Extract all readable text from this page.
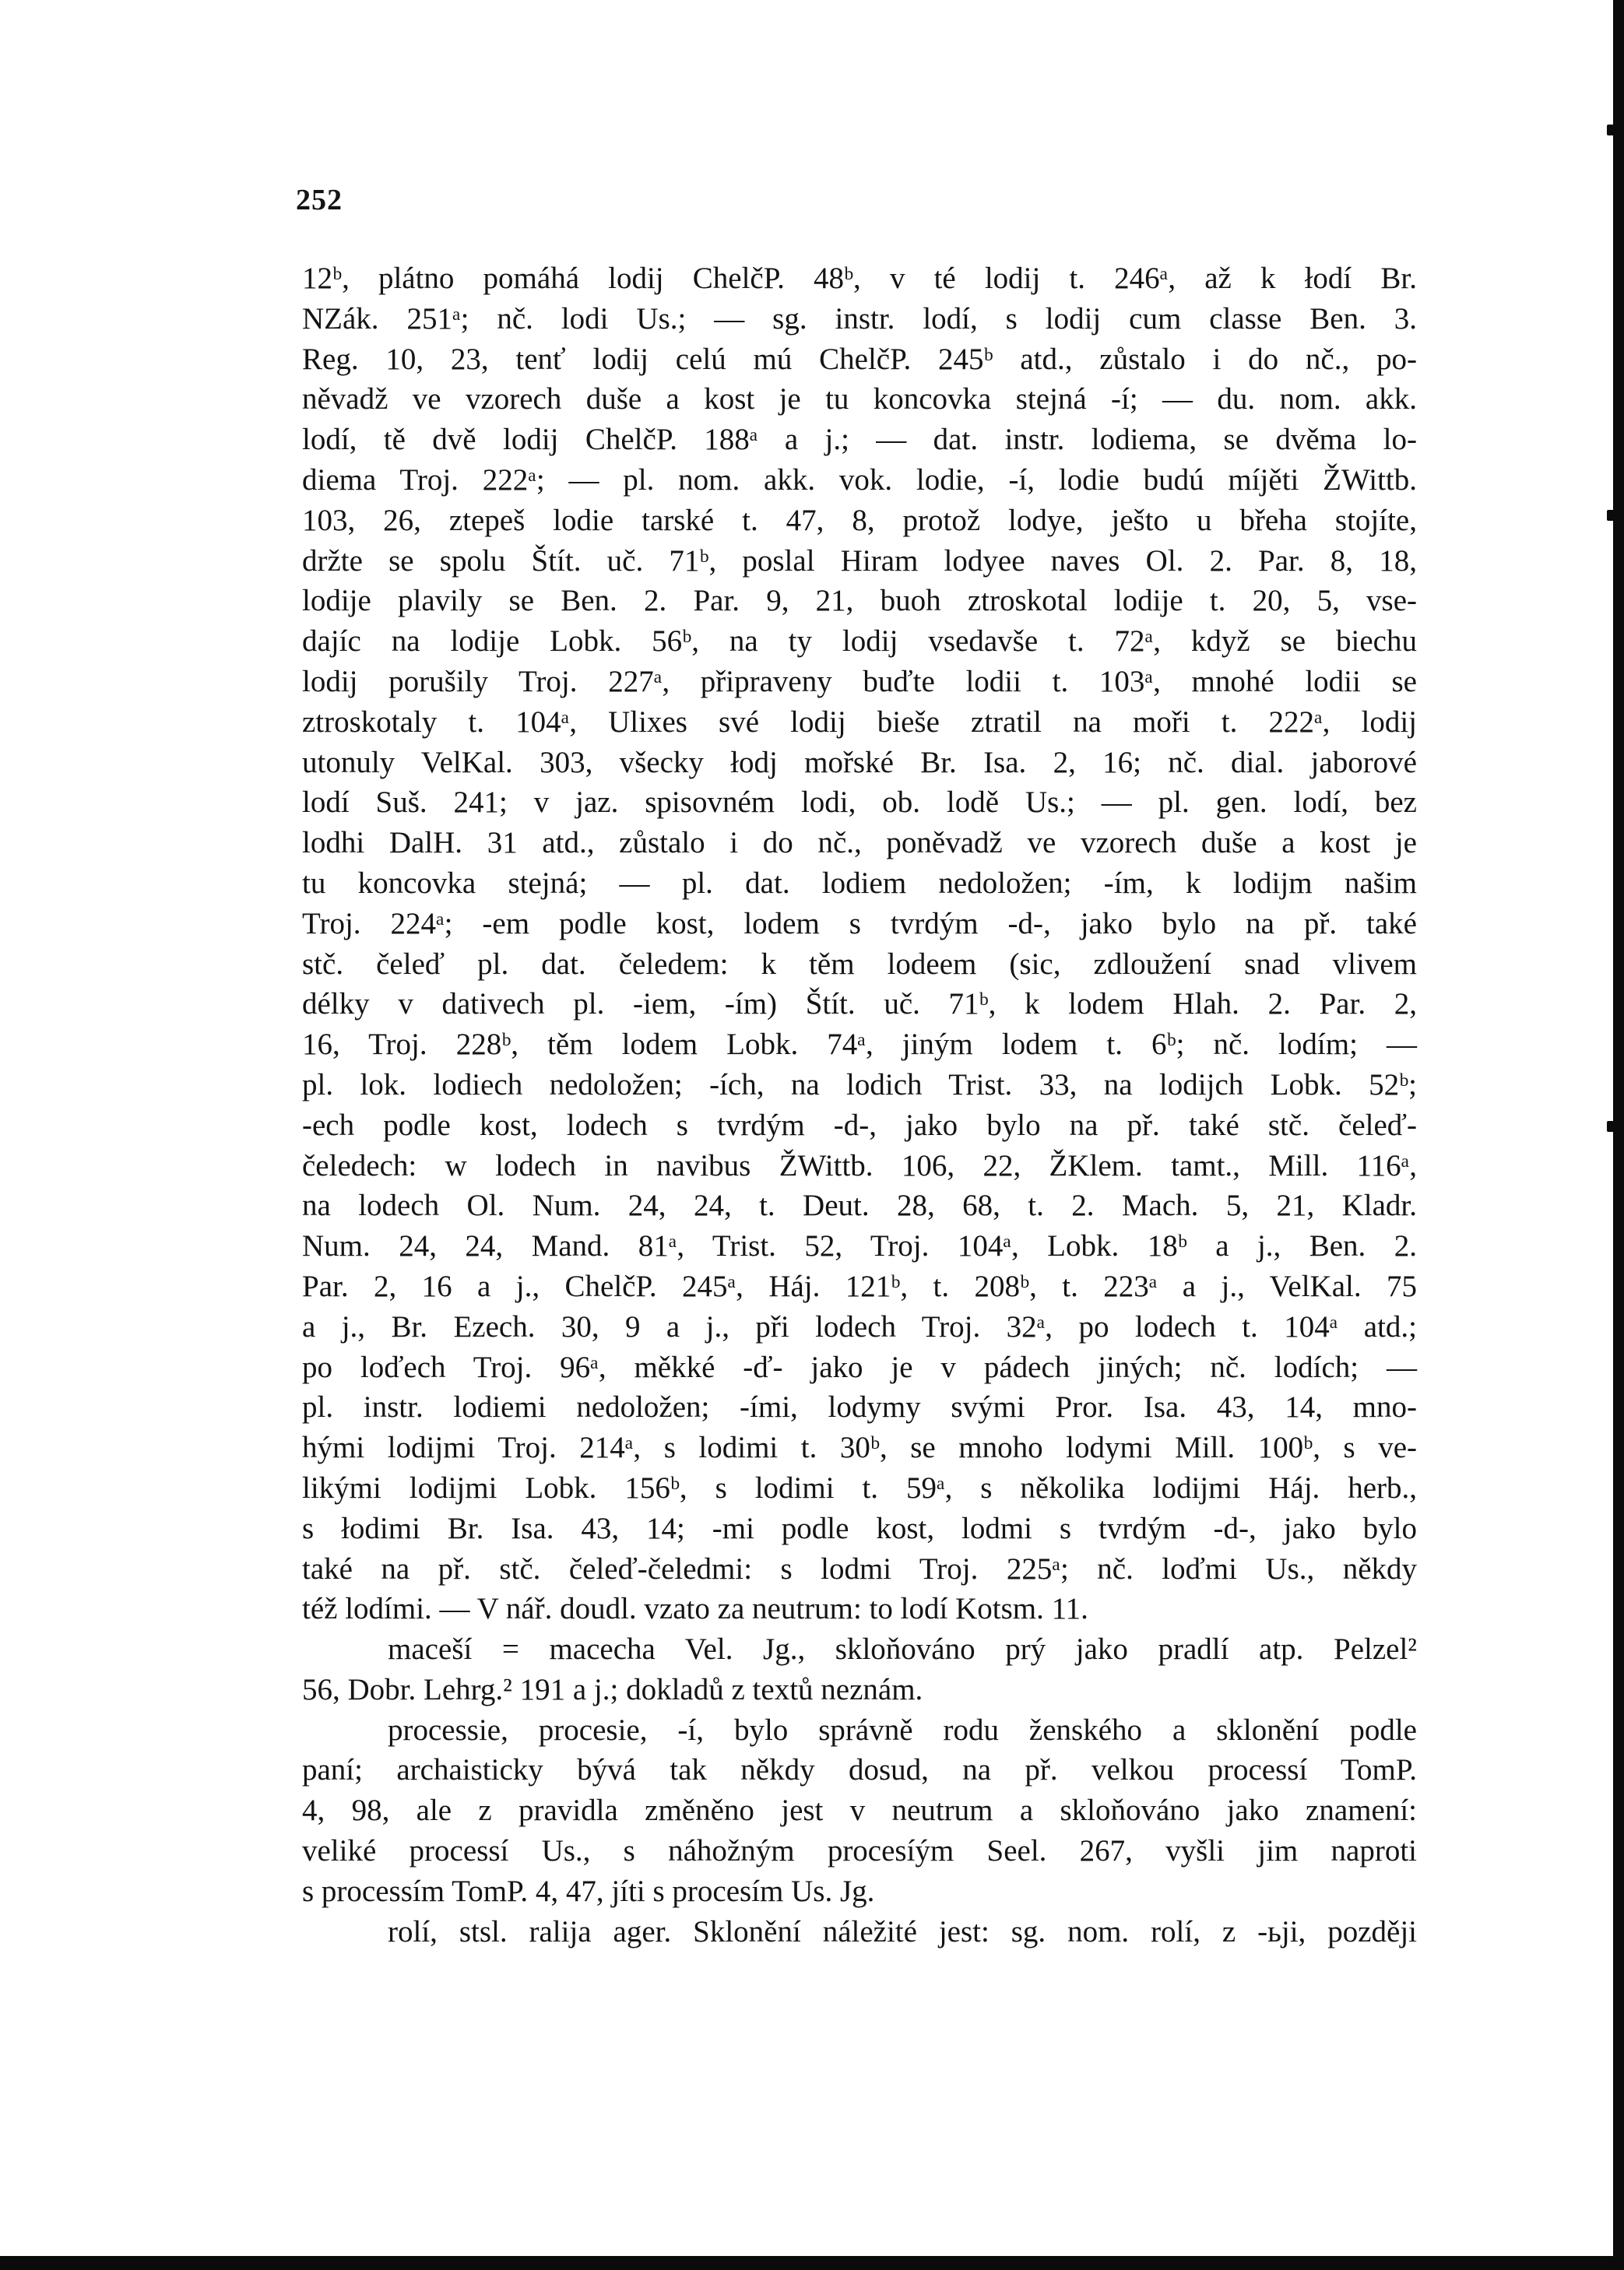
252
12ᵇ, plátno pomáhá lodij ChelčP. 48ᵇ, v té lodij t. 246ᵃ, až k łodí Br.
NZák. 251ᵃ; nč. lodi Us.; — sg. instr. lodí, s lodij cum classe Ben. 3.
Reg. 10, 23, tenť lodij celú mú ChelčP. 245ᵇ atd., zůstalo i do nč., po-
něvadž ve vzorech duše a kost je tu koncovka stejná -í; — du. nom. akk.
lodí, tě dvě lodij ChelčP. 188ᵃ a j.; — dat. instr. lodiema, se dvěma lo-
diema Troj. 222ᵃ; — pl. nom. akk. vok. lodie, -í, lodie budú míjěti ŽWittb.
103, 26, ztepeš lodie tarské t. 47, 8, protož lodye, ješto u břeha stojíte,
držte se spolu Štít. uč. 71ᵇ, poslal Hiram lodyee naves Ol. 2. Par. 8, 18,
lodije plavily se Ben. 2. Par. 9, 21, buoh ztroskotal lodije t. 20, 5, vse-
dajíc na lodije Lobk. 56ᵇ, na ty lodij vsedavše t. 72ᵃ, když se biechu
lodij porušily Troj. 227ᵃ, připraveny buďte lodii t. 103ᵃ, mnohé lodii se
ztroskotaly t. 104ᵃ, Ulixes své lodij bieše ztratil na moři t. 222ᵃ, lodij
utonuly VelKal. 303, všecky łodj mořské Br. Isa. 2, 16; nč. dial. jaborové
lodí Suš. 241; v jaz. spisovném lodi, ob. lodě Us.; — pl. gen. lodí, bez
lodhi DalH. 31 atd., zůstalo i do nč., poněvadž ve vzorech duše a kost je
tu koncovka stejná; — pl. dat. lodiem nedoložen; -ím, k lodijm našim
Troj. 224ᵃ; -em podle kost, lodem s tvrdým -d-, jako bylo na př. také
stč. čeleď pl. dat. čeledem: k těm lodeem (sic, zdloužení snad vlivem
délky v dativech pl. -iem, -ím) Štít. uč. 71ᵇ, k lodem Hlah. 2. Par. 2,
16, Troj. 228ᵇ, těm lodem Lobk. 74ᵃ, jiným lodem t. 6ᵇ; nč. lodím; —
pl. lok. lodiech nedoložen; -ích, na lodich Trist. 33, na lodijch Lobk. 52ᵇ;
-ech podle kost, lodech s tvrdým -d-, jako bylo na př. také stč. čeleď-
čeledech: w lodech in navibus ŽWittb. 106, 22, ŽKlem. tamt., Mill. 116ᵃ,
na lodech Ol. Num. 24, 24, t. Deut. 28, 68, t. 2. Mach. 5, 21, Kladr.
Num. 24, 24, Mand. 81ᵃ, Trist. 52, Troj. 104ᵃ, Lobk. 18ᵇ a j., Ben. 2.
Par. 2, 16 a j., ChelčP. 245ᵃ, Háj. 121ᵇ, t. 208ᵇ, t. 223ᵃ a j., VelKal. 75
a j., Br. Ezech. 30, 9 a j., při lodech Troj. 32ᵃ, po lodech t. 104ᵃ atd.;
po loďech Troj. 96ᵃ, měkké -ď- jako je v pádech jiných; nč. lodích; —
pl. instr. lodiemi nedoložen; -ími, lodymy svými Pror. Isa. 43, 14, mno-
hými lodijmi Troj. 214ᵃ, s lodimi t. 30ᵇ, se mnoho lodymi Mill. 100ᵇ, s ve-
likými lodijmi Lobk. 156ᵇ, s lodimi t. 59ᵃ, s několika lodijmi Háj. herb.,
s łodimi Br. Isa. 43, 14; -mi podle kost, lodmi s tvrdým -d-, jako bylo
také na př. stč. čeleď-čeledmi: s lodmi Troj. 225ᵃ; nč. loďmi Us., někdy
též lodími. — V nář. doudl. vzato za neutrum: to lodí Kotsm. 11.
maceší = macecha Vel. Jg., skloňováno prý jako pradlí atp. Pelzel²
56, Dobr. Lehrg.² 191 a j.; dokladů z textů neznám.
processie, procesie, -í, bylo správně rodu ženského a sklonění podle
paní; archaisticky bývá tak někdy dosud, na př. velkou processí TomP.
4, 98, ale z pravidla změněno jest v neutrum a skloňováno jako znamení:
veliké processí Us., s náhožným procesíým Seel. 267, vyšli jim naproti
s processím TomP. 4, 47, jíti s procesím Us. Jg.
rolí, stsl. ralija ager. Sklonění náležité jest: sg. nom. rolí, z -ьji, později
